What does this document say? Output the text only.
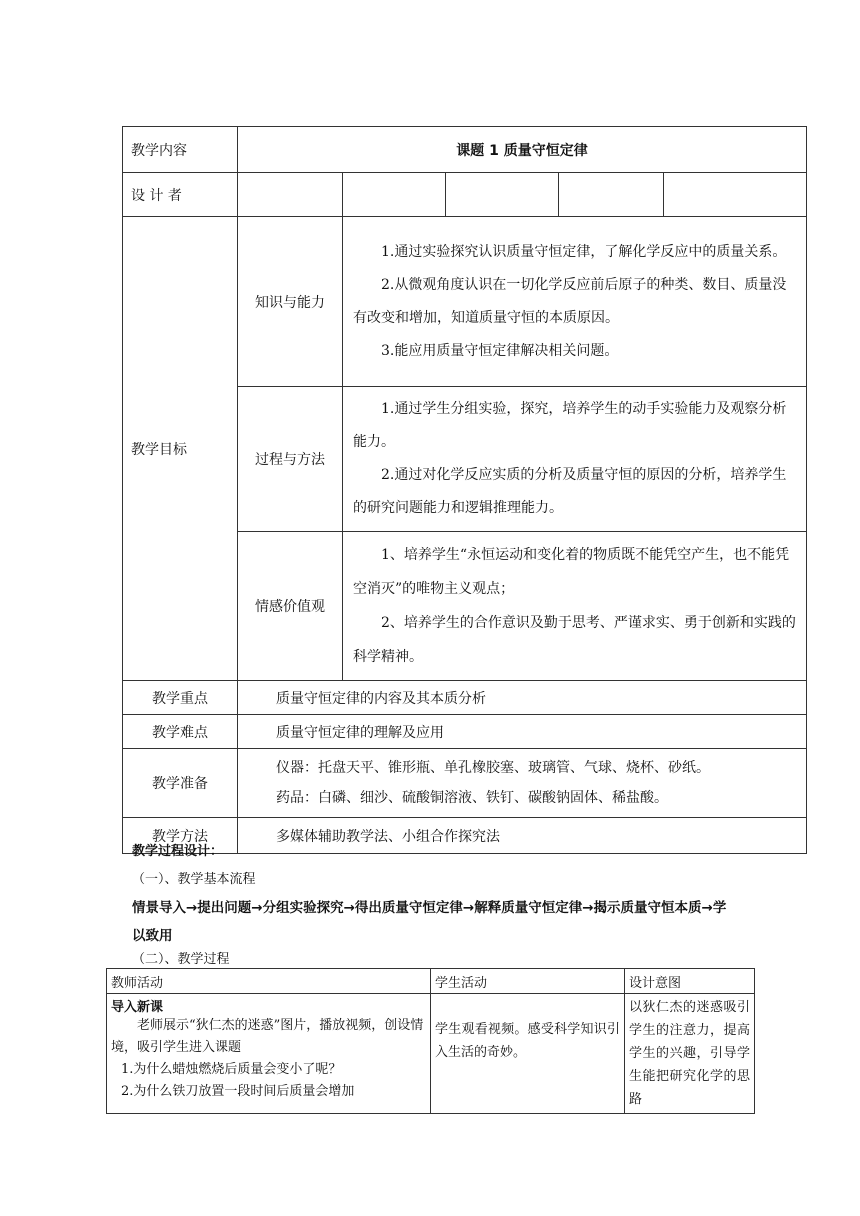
教学内容	课题 1 质量守恒定律				
设 计 者					
教学目标	知识与能力	1.通过实验探究认识质量守恒定律，了解化学反应中的质量关系。

2.从微观角度认识在一切化学反应前后原子的种类、数目、质量没有改变和增加，知道质量守恒的本质原因。

3.能应用质量守恒定律解决相关问题。			

	过程与方法	1.通过学生分组实验，探究，培养学生的动手实验能力及观察分析能力。

2.通过对化学反应实质的分析及质量守恒的原因的分析，培养学生的研究问题能力和逻辑推理能力。			

	情感价值观	1、培养学生“永恒运动和变化着的物质既不能凭空产生，也不能凭空消灭”的唯物主义观点；

2、培养学生的合作意识及勤于思考、严谨求实、勇于创新和实践的科学精神。			

教学重点	质量守恒定律的内容及其本质分析				
教学难点	质量守恒定律的理解及应用				
教学准备	仪器：托盘天平、锥形瓶、单孔橡胶塞、玻璃管、气球、烧杯、砂纸。

药品：白磷、细沙、硫酸铜溶液、铁钉、碳酸钠固体、稀盐酸。				

教学方法	多媒体辅助教学法、小组合作探究法				
教学过程设计：
（一）、教学基本流程
情景导入→提出问题→分组实验探究→得出质量守恒定律→解释质量守恒定律→揭示质量守恒本质→学以致用
（二）、教学过程
教师活动	学生活动	设计意图

导入新课

老师展示“狄仁杰的迷惑”图片，播放视频，创设情境，吸引学生进入课题

1.为什么蜡烛燃烧后质量会变小了呢？

2.为什么铁刀放置一段时间后质量会增加	学生观看视频。感受科学知识引入生活的奇妙。	以狄仁杰的迷惑吸引学生的注意力，提高学生的兴趣，引导学生能把研究化学的思路
